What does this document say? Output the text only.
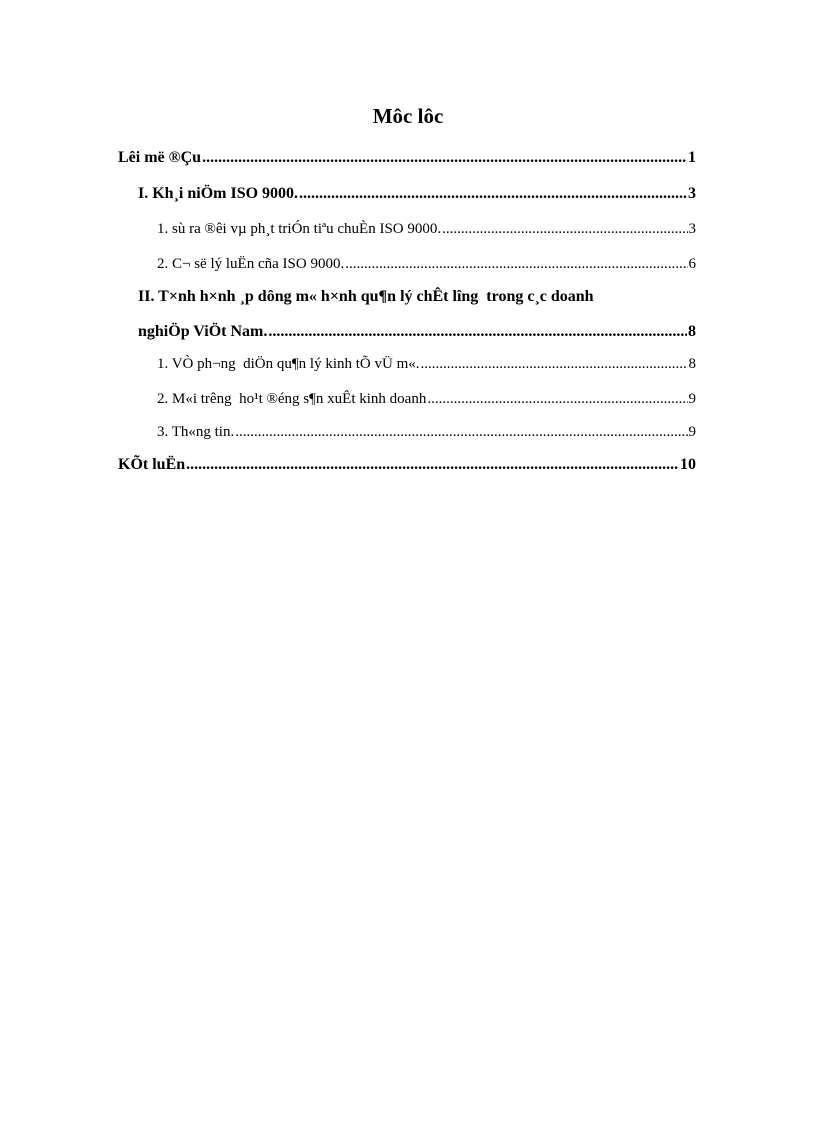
Môc lôc
Lêi më ®Çu .....	1
I. Kh¸i niÖm ISO 9000. .....	3
1. sù ra ®êi vµ ph¸t triÓn tiªu chuÈn ISO 9000. .....	3
2. C¬ së lý luËn cña ISO 9000. .....	6
II. T×nh h×nh ¸p dông m« h×nh qu¶n lý chÊt lîng  trong c¸c doanh
nghiÖp ViÖt Nam. .....	8
1. VÒ ph¬ng  diÖn qu¶n lý kinh tÕ vÜ m«. .....	8
2. M«i trêng  ho¹t ®éng s¶n xuÊt kinh doanh .....	9
3. Th«ng tin. .....	9
KÕt luËn .....	10
